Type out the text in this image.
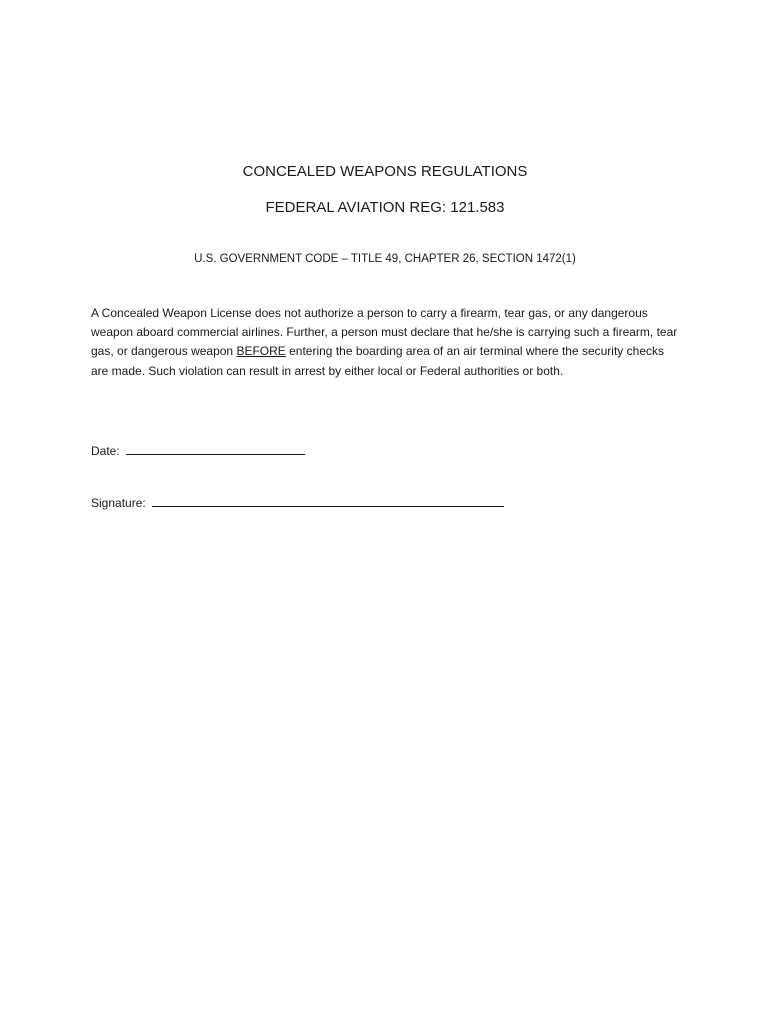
CONCEALED WEAPONS REGULATIONS
FEDERAL AVIATION REG: 121.583
U.S. GOVERNMENT CODE – TITLE 49, CHAPTER 26, SECTION 1472(1)
A Concealed Weapon License does not authorize a person to carry a firearm, tear gas, or any dangerous weapon aboard commercial airlines. Further, a person must declare that he/she is carrying such a firearm, tear gas, or dangerous weapon BEFORE entering the boarding area of an air terminal where the security checks are made. Such violation can result in arrest by either local or Federal authorities or both.
Date:
Signature:
